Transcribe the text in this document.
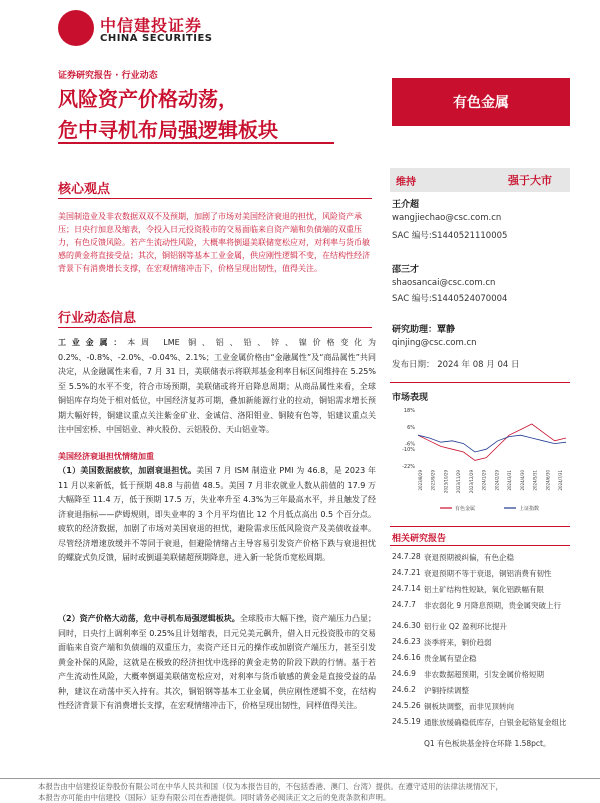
中信建投证券
CHINA SECURITIES
证券研究报告 · 行业动态
风险资产价格动荡，
危中寻机布局强逻辑板块
有色金属
核心观点
美国制造业及非农数据双双不及预期，加剧了市场对美国经济衰退的担忧，风险资产承压；日央行加息及缩表，令投入日元投资股市的交易面临来自资产端和负债端的双重压力，有色反馈风险。若产生流动性风险，大概率将倒逼美联储宽松应对，对利率与货币敏感的黄金将直接受益；其次，铜铝钢等基本工业金属，供应刚性逻辑不变，在结构性经济背景下有消费增长支撑，在宏观情绪冲击下，价格呈现出韧性，值得关注。
行业动态信息
工业金属：本周 LME 铜、铝、铅、锌、镍价格变化为 0.2%、-0.8%、-2.0%、-0.04%、2.1%；工业金属价格由“金融属性”及“商品属性”共同决定，从金融属性来看，7 月 31 日，美联储表示将联邦基金利率目标区间维持在 5.25%至 5.5%的水平不变，符合市场预期，美联储或将开启降息周期；从商品属性来看，全球铜铝库存均处于相对低位，中国经济复苏可期，叠加新能源行业的拉动，铜铝需求增长预期大幅好转，铜建议重点关注紫金矿业、金诚信、洛阳钼业、铜陵有色等，铝建议重点关注中国宏桥、中国铝业、神火股份、云铝股份、天山铝业等。
美国经济衰退担忧情绪加重
（1）美国数据疲软，加剧衰退担忧。美国 7 月 ISM 制造业 PMI 为 46.8，是 2023 年 11 月以来新低，低于预期 48.8 与前值 48.5。美国 7 月非农就业人数从前值的 17.9 万大幅降至 11.4 万，低于预期 17.5 万，失业率升至 4.3%为三年最高水平，并且触发了经济衰退指标——萨姆规则，即失业率的 3 个月平均值比 12 个月低点高出 0.5 个百分点。疲软的经济数据，加剧了市场对美国衰退的担忧，避险需求压低风险资产及美债收益率。尽管经济增速放缓并不等同于衰退，但避险情绪占主导容易引发资产价格下跌与衰退担忧的螺旋式负反馈，届时或倒逼美联储超预期降息，进入新一轮货币宽松周期。
（2）资产价格大动荡，危中寻机布局强逻辑板块。全球股市大幅下挫，资产端压力凸显；同时，日央行上调利率至 0.25%且计划缩表，日元兑美元飙升，借入日元投资股市的交易面临来自资产端和负债端的双重压力，卖资产还日元的操作或加剧资产端压力，甚至引发黄金补保的风险，这就是在极致的经济担忧中选择的黄金走势的阶段下跌的行情。基于若产生流动性风险，大概率倒逼美联储宽松应对，对利率与货币敏感的黄金是直接受益的品种，建议在动荡中买入持有。其次，铜铝钢等基本工业金属，供应刚性逻辑不变，在结构性经济背景下有消费增长支撑，在宏观情绪冲击下，价格呈现出韧性，同样值得关注。
维持	强于大市
王介超
wangjiechao@csc.com.cn
SAC 编号:S1440521110005
邵三才
shaosancai@csc.com.cn
SAC 编号:S1440524070004
研究助理：覃静
qinjing@csc.com.cn
发布日期： 2024 年 08 月 04 日
市场表现
18%
6%
-6%
-10%
-22%
2023/8/29 2023/9/29 2023/10/29 2023/11/29 2023/12/29 2024/1/29 2024/2/29 2024/3/31 2024/4/30 2024/5/31 2024/6/30 2024/7/31
有色金属	上证指数
相关研究报告
24.7.28 衰退预期被纠偏，有色企稳
24.7.21 衰退预期不等于衰退，铜铝消费有韧性
24.7.14 铝土矿结构性短缺，氧化铝跌幅有限
24.7.7	非农弱化 9 月降息预期，贵金属突破上行
24.6.30 铝行业 Q2 盈利环比提升
24.6.23 淡季将来，铜价趋弱
24.6.16 贵金属有望企稳
24.6.9	非农数据超预期，引发金属价格短期
24.6.2	沪铜持续调整
24.5.26 铜板块调整，而非见顶转向
24.5.19 通胀放缓确稳低库存，白银金起铬复金组比
Q1 有色板块基金持仓环降 1.58pct。
本报告由中信建投证券股份有限公司在中华人民共和国（仅为本报告目的，不包括香港、澳门、台湾）提供。在遵守适用的法律法规情况下，
本报告亦可能由中信建投（国际）证券有限公司在香港提供。同时请务必阅读正文之后的免责条款和声明。
